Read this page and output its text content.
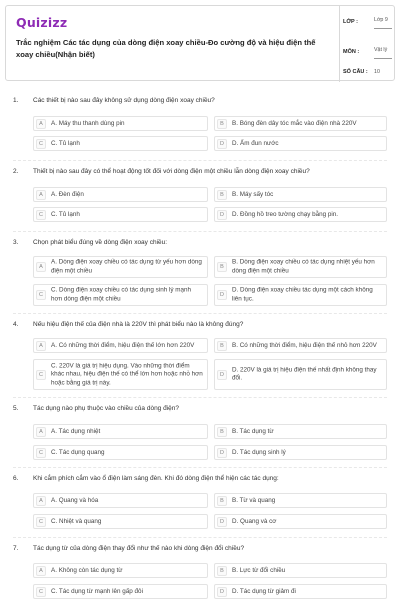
Quizizz
Trắc nghiệm Các tác dụng của dòng điện xoay chiều-Đo cường độ và hiệu điện thế xoay chiều(Nhận biết)
LỚP :	Lớp 9
MÔN :	Vật lý
SỐ CÂU : 10
1. Các thiết bị nào sau đây không sử dụng dòng điện xoay chiều?
A	A. Máy thu thanh dùng pin	B	B. Bóng đèn dây tóc mắc vào điện nhà 220V
C	C. Tủ lạnh	D	D. Ấm đun nước
2. Thiết bị nào sau đây có thể hoạt động tốt đối với dòng điện một chiều lẫn dòng điện xoay chiều?
A	A. Đèn điện	B	B. Máy sấy tóc
C	C. Tủ lạnh	D	D. Đồng hồ treo tường chạy bằng pin.
3. Chọn phát biểu đúng về dòng điện xoay chiều:
A
A. Dòng điện xoay chiều có tác dụng từ yếu hơn dòng điện một chiều	B
B. Dòng điện xoay chiều có tác dụng nhiệt yếu hơn dòng điện một chiều
C
C. Dòng điện xoay chiều có tác dụng sinh lý mạnh hơn dòng điện một chiều	D
D. Dòng điện xoay chiều tác dụng một cách không liên tục.
4. Nếu hiệu điện thế của điện nhà là 220V thì phát biểu nào là không đúng?
A	A. Có những thời điểm, hiệu điện thế lớn hơn 220V	B	B. Có những thời điểm, hiệu điện thế nhỏ hơn 220V
C
C. 220V là giá trị hiệu dụng. Vào những thời điểm khác nhau, hiệu điện thế có thể lớn hơn hoặc nhỏ hơn hoặc bằng giá trị này.
D
D. 220V là giá trị hiệu điện thế nhất định không thay đổi.
5. Tác dụng nào phụ thuộc vào chiều của dòng điện?
A	A. Tác dụng nhiệt	B	B. Tác dụng từ
C	C. Tác dụng quang	D	D. Tác dụng sinh lý
6. Khi cắm phích cắm vào ổ điện làm sáng đèn. Khi đó dòng điện thể hiện các tác dụng:
A	A. Quang và hóa	B	B. Từ và quang
C	C. Nhiệt và quang	D	D. Quang và cơ
7. Tác dụng từ của dòng điện thay đổi như thế nào khi dòng điện đổi chiều?
A	A. Không còn tác dụng từ	B	B. Lực từ đổi chiều
C	C. Tác dụng từ mạnh lên gấp đôi	D	D. Tác dụng từ giảm đi
